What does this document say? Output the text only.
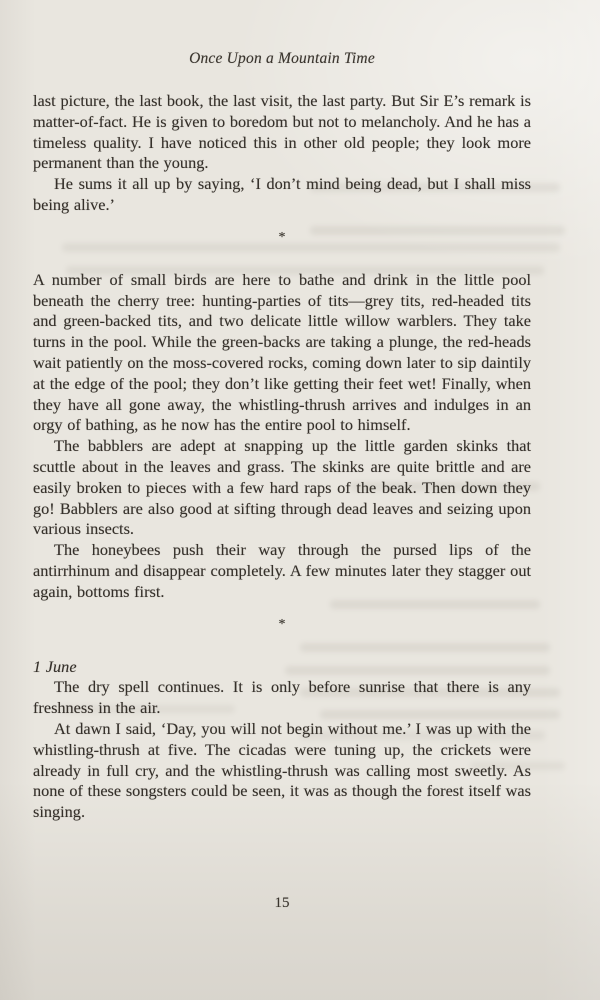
Once Upon a Mountain Time

last picture, the last book, the last visit, the last party. But Sir E’s remark is matter-of-fact. He is given to boredom but not to melancholy. And he has a timeless quality. I have noticed this in other old people; they look more permanent than the young.

He sums it all up by saying, ‘I don’t mind being dead, but I shall miss being alive.’

*

A number of small birds are here to bathe and drink in the little pool beneath the cherry tree: hunting-parties of tits—grey tits, red-headed tits and green-backed tits, and two delicate little willow warblers. They take turns in the pool. While the green-backs are taking a plunge, the red-heads wait patiently on the moss-covered rocks, coming down later to sip daintily at the edge of the pool; they don’t like getting their feet wet! Finally, when they have all gone away, the whistling-thrush arrives and indulges in an orgy of bathing, as he now has the entire pool to himself.

The babblers are adept at snapping up the little garden skinks that scuttle about in the leaves and grass. The skinks are quite brittle and are easily broken to pieces with a few hard raps of the beak. Then down they go! Babblers are also good at sifting through dead leaves and seizing upon various insects.

The honeybees push their way through the pursed lips of the antirrhinum and disappear completely. A few minutes later they stagger out again, bottoms first.

*
1 June

The dry spell continues. It is only before sunrise that there is any freshness in the air.

At dawn I said, ‘Day, you will not begin without me.’ I was up with the whistling-thrush at five. The cicadas were tuning up, the crickets were already in full cry, and the whistling-thrush was calling most sweetly. As none of these songsters could be seen, it was as though the forest itself was singing.

15
